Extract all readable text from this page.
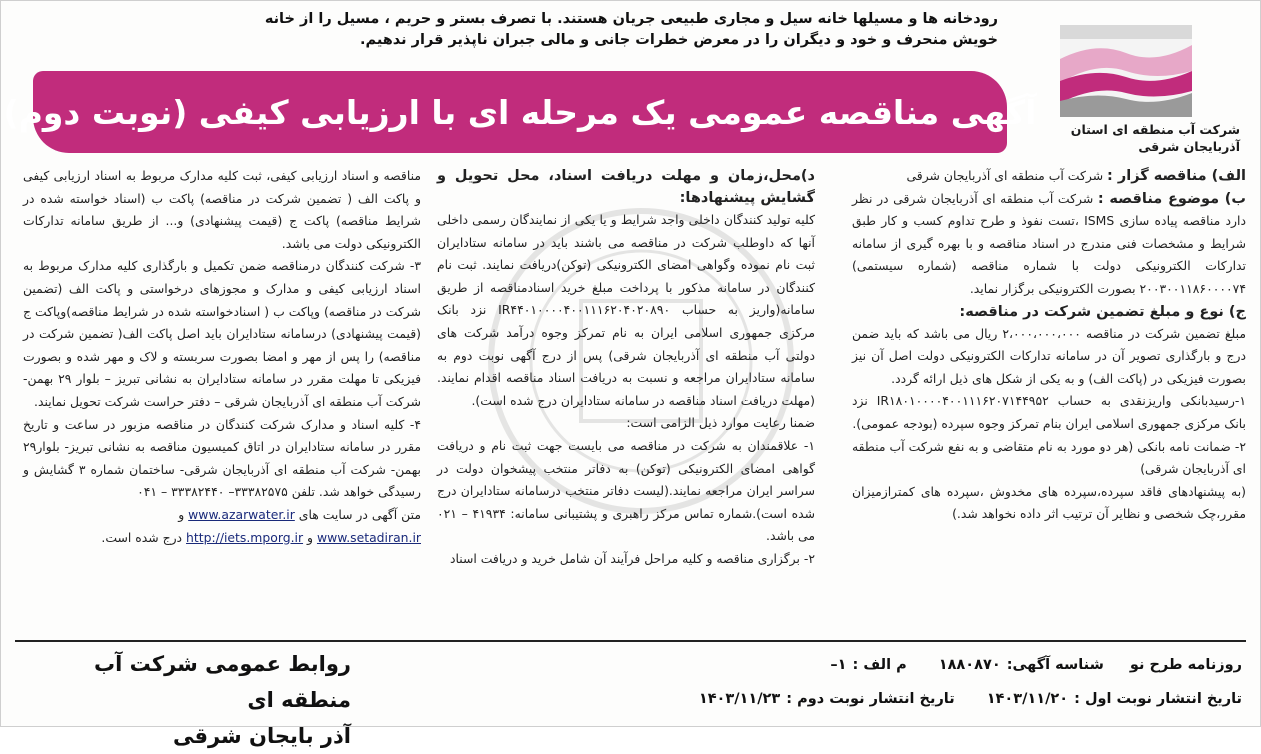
رودخانه ها و مسیلها خانه سیل و مجاری طبیعی جریان هستند. با تصرف بستر و حریم ، مسیل را از خانه خویش منحرف و خود و دیگران را در معرض خطرات جانی و مالی جبران ناپذیر قرار ندهیم.
شرکت آب منطقه ای استان
آذربایجان شرقی
آگهی مناقصه عمومی یک مرحله ای با ارزیابی کیفی (نوبت دوم)

الف) مناقصه گزار : شرکت آب منطقه ای آذربایجان شرقی

ب) موضوع مناقصه : شرکت آب منطقه ای آذربایجان شرقی در نظر دارد مناقصه پیاده سازی ISMS ،تست نفوذ و طرح تداوم کسب و کار طبق شرایط و مشخصات فنی مندرج در اسناد مناقصه و با بهره گیری از سامانه تدارکات الکترونیکی دولت با شماره مناقصه (شماره سیستمی) ۲۰۰۳۰۰۱۱۸۶۰۰۰۰۷۴ بصورت الکترونیکی برگزار نماید.

ج) نوع و مبلغ تضمین شرکت در مناقصه:

مبلغ تضمین شرکت در مناقصه ۲،۰۰۰،۰۰۰،۰۰۰ ریال می باشد که باید ضمن درج و بارگذاری تصویر آن در سامانه تدارکات الکترونیکی دولت اصل آن نیز بصورت فیزیکی در (پاکت الف) و به یکی از شکل های ذیل ارائه گردد.

۱-رسیدبانکی واریزنقدی به حساب IR۱۸۰۱۰۰۰۰۴۰۰۱۱۱۶۲۰۷۱۴۴۹۵۲ نزد بانک مرکزی جمهوری اسلامی ایران بنام تمرکز وجوه سپرده (بودجه عمومی).

۲- ضمانت نامه بانکی (هر دو مورد به نام متقاضی و به نفع شرکت آب منطقه ای آذربایجان شرقی)

(به پیشنهادهای فاقد سپرده،سپرده های مخدوش ،سپرده های کمترازمیزان مقرر،چک شخصی و نظایر آن ترتیب اثر داده نخواهد شد.)

د)محل،زمان و مهلت دریافت اسناد، محل تحویل و گشایش پیشنهادها:

کلیه تولید کنندگان داخلی واجد شرایط و یا یکی از نمایندگان رسمی داخلی آنها که داوطلب شرکت در مناقصه می باشند باید در سامانه ستادایران ثبت نام نموده وگواهی امضای الکترونیکی (توکن)دریافت نمایند. ثبت نام کنندگان در سامانه مذکور با پرداخت مبلغ خرید اسنادمناقصه از طریق سامانه(واریز به حساب IR۴۴۰۱۰۰۰۰۴۰۰۱۱۱۶۲۰۴۰۲۰۸۹۰ نزد بانک مرکزی جمهوری اسلامی ایران به نام تمرکز وجوه درآمد شرکت های دولتی آب منطقه ای آذربایجان شرقی) پس از درج آگهی نوبت دوم به سامانه ستادایران مراجعه و نسبت به دریافت اسناد مناقصه اقدام نمایند.(مهلت دریافت اسناد مناقصه در سامانه ستادایران درج شده است).

ضمنا رعایت موارد ذیل الزامی است:

۱- علاقمندان به شرکت در مناقصه می بایست جهت ثبت نام و دریافت گواهی امضای الکترونیکی (توکن) به دفاتر منتخب پیشخوان دولت در سراسر ایران مراجعه نمایند.(لیست دفاتر منتخب درسامانه ستادایران درج شده است).شماره تماس مرکز راهبری و پشتیبانی سامانه: ۴۱۹۳۴ – ۰۲۱ می باشد.

۲- برگزاری مناقصه و کلیه مراحل فرآیند آن شامل خرید و دریافت اسناد

مناقصه و اسناد ارزیابی کیفی، ثبت کلیه مدارک مربوط به اسناد ارزیابی کیفی و پاکت الف ( تضمین شرکت در مناقصه) پاکت ب (اسناد خواسته شده در شرایط مناقصه) پاکت ج (قیمت پیشنهادی) و... از طریق سامانه تدارکات الکترونیکی دولت می باشد.

۳- شرکت کنندگان درمناقصه ضمن تکمیل و بارگذاری کلیه مدارک مربوط به اسناد ارزیابی کیفی و مدارک و مجوزهای درخواستی و پاکت الف (تضمین شرکت در مناقصه) وپاکت ب ( اسنادخواسته شده در شرایط مناقصه)وپاکت ج (قیمت پیشنهادی) درسامانه ستادایران باید اصل پاکت الف( تضمین شرکت در مناقصه) را پس از مهر و امضا بصورت سربسته و لاک و مهر شده و بصورت فیزیکی تا مهلت مقرر در سامانه ستادایران به نشانی تبریز – بلوار ۲۹ بهمن- شرکت آب منطقه ای آذربایجان شرقی – دفتر حراست شرکت تحویل نمایند.

۴- کلیه اسناد و مدارک شرکت کنندگان در مناقصه مزبور در ساعت و تاریخ مقرر در سامانه ستادایران در اتاق کمیسیون مناقصه به نشانی تبریز- بلوار۲۹ بهمن- شرکت آب منطقه ای آذربایجان شرقی- ساختمان شماره ۳ گشایش و رسیدگی خواهد شد. تلفن ۳۳۳۸۲۵۷۵– ۳۳۳۸۲۴۴۰ – ۰۴۱

متن آگهی در سایت های www.azarwater.ir و

www.setadiran.ir و http://iets.mporg.ir درج شده است.

روزنامه طرح نو
شناسه آگهی:۱۸۸۰۸۷۰
م الف :۱–
تاریخ انتشار نوبت اول :۱۴۰۳/۱۱/۲۰
تاریخ انتشار نوبت دوم :۱۴۰۳/۱۱/۲۳
روابط عمومی شرکت آب منطقه ای
آذر بایجان شرقی
